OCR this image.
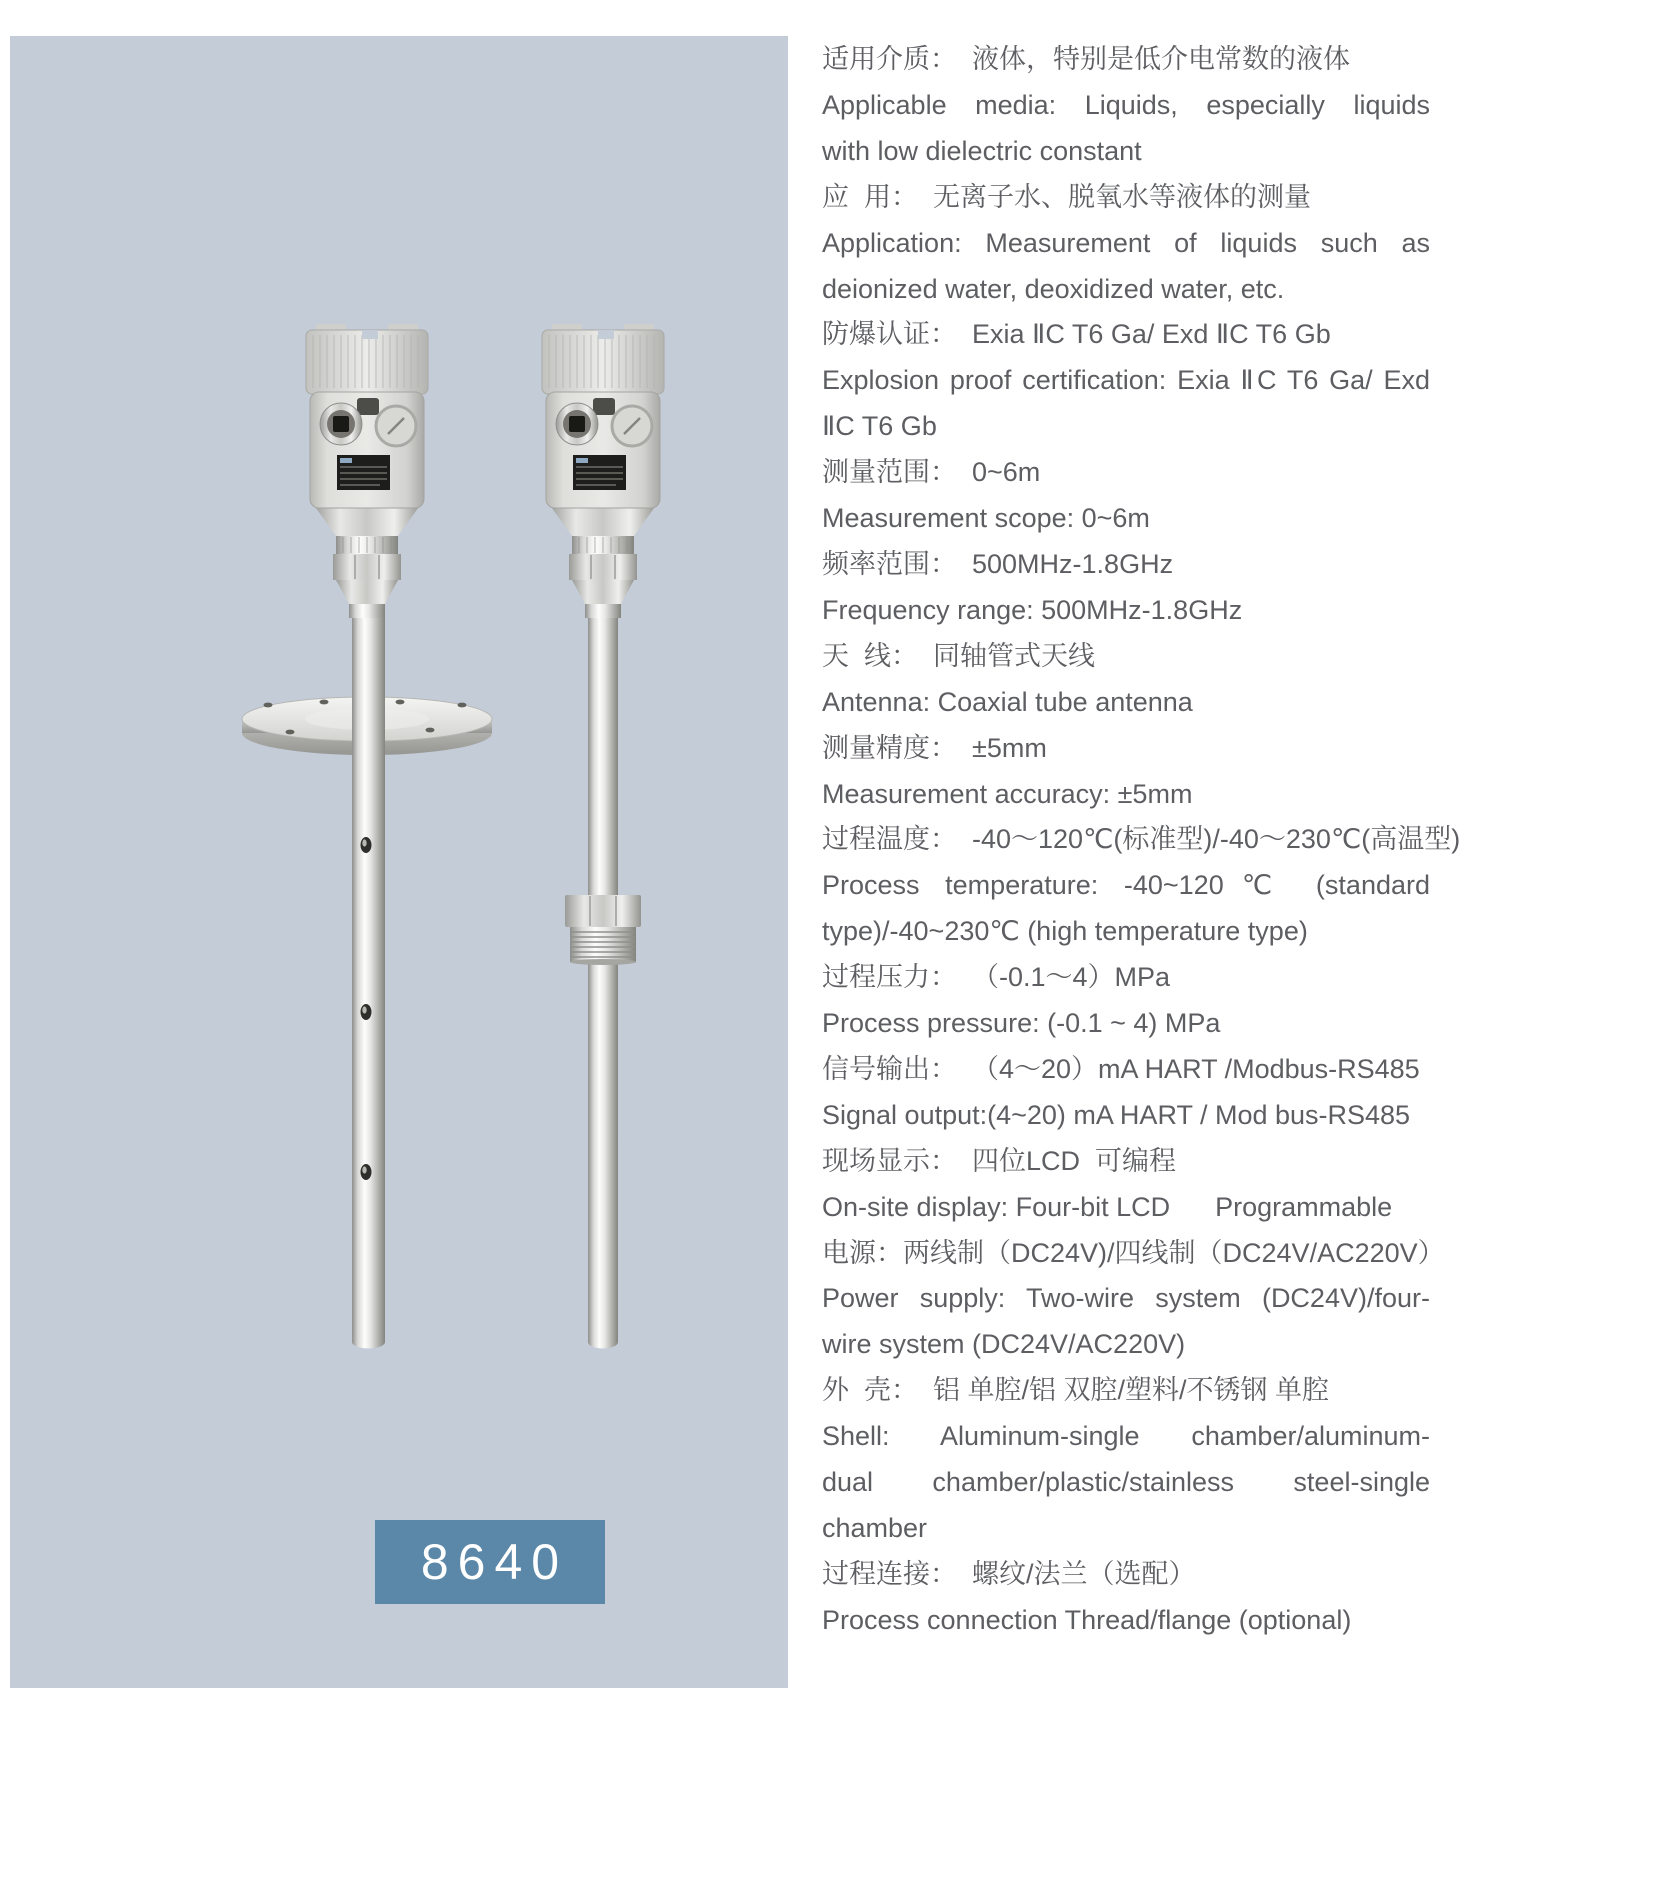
8640
适用介质：  液体，特别是低介电常数的液体
Applicable media: Liquids, especially liquids
with low dielectric constant
应  用：  无离子水、脱氧水等液体的测量
Application: Measurement of liquids such as
deionized water, deoxidized water, etc.
防爆认证：  Exia ⅡC T6 Ga/ Exd ⅡC T6 Gb
Explosion proof certification: Exia ⅡC T6 Ga/ Exd
ⅡC T6 Gb
测量范围：  0~6m
Measurement scope: 0~6m
频率范围：  500MHz-1.8GHz
Frequency range: 500MHz-1.8GHz
天  线：  同轴管式天线
Antenna: Coaxial tube antenna
测量精度：  ±5mm
Measurement accuracy: ±5mm
过程温度：  -40～120℃(标准型)/-40～230℃(高温型)
Process temperature: -40~120℃ (standard
type)/-40~230℃ (high temperature type)
过程压力：  （-0.1～4）MPa
Process pressure: (-0.1 ~ 4) MPa
信号输出：  （4～20）mA HART /Modbus-RS485
Signal output:(4~20) mA HART / Mod bus-RS485
现场显示：  四位LCD  可编程
On-site display: Four-bit LCD      Programmable
电源：两线制（DC24V)/四线制（DC24V/AC220V）
Power supply: Two-wire system (DC24V)/four-
wire system (DC24V/AC220V)
外  壳：  铝 单腔/铝 双腔/塑料/不锈钢 单腔
Shell: Aluminum-single chamber/aluminum-
dual chamber/plastic/stainless steel-single
chamber
过程连接：  螺纹/法兰（选配）
Process connection Thread/flange (optional)
